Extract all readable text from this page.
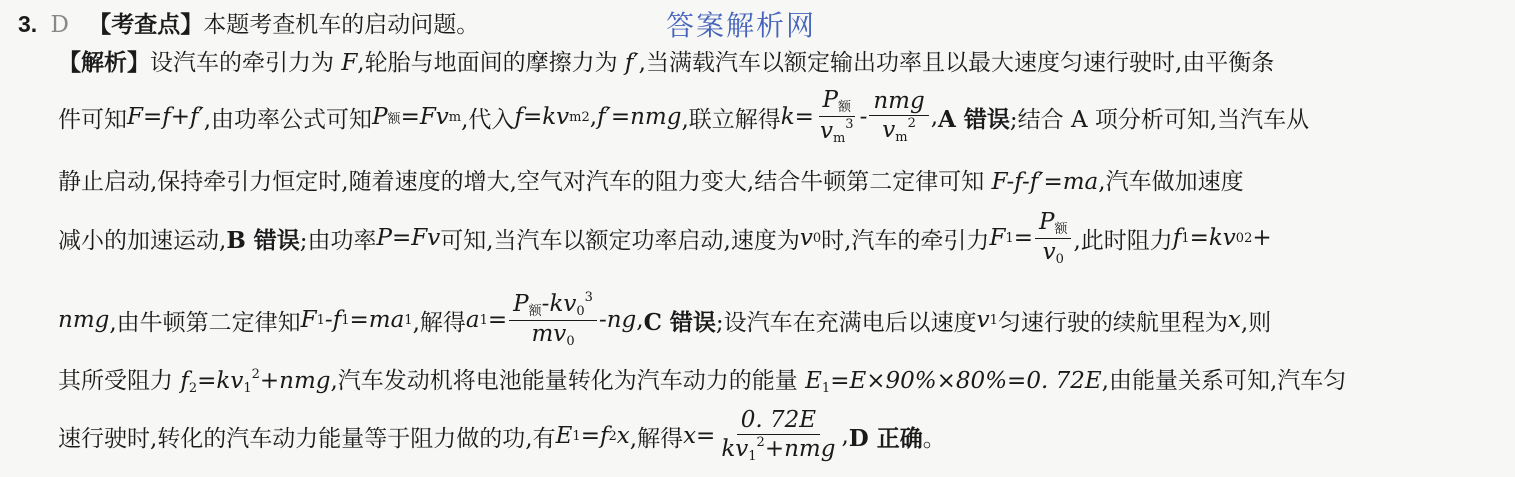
答案解析网
3. D 【考查点】本题考查机车的启动问题。
【解析】设汽车的牵引力为 F,轮胎与地面间的摩擦力为 f′,当满载汽车以额定输出功率且以最大速度匀速行驶时,由平衡条
件可知 F=f+f′ ,由功率公式可知 P 额 =Fv m ,代入 f=kv m 2 , f′=nmg ,联立解得 $k= \frac{P_额}{v_m^3} - \frac{\text{nmg}}{v_m^2}$ , A 错误 ;结合 A 项分析可知,当汽车从
静止启动,保持牵引力恒定时,随着速度的增大,空气对汽车的阻力变大,结合牛顿第二定律可知 F-f-f′=ma,汽车做加速度
减小的加速运动, B 错误 ;由功率 P=Fv 可知,当汽车以额定功率启动,速度为 v 0 时,汽车的牵引力 F $1 = \frac{P_额}{v_0}$ ,此时阻力 f 1 =kv 0 2 +
nmg ,由牛顿第二定律知 F 1 -f 1 =ma 1 ,解得 a $1 = \frac{P_额-kv_0^3}{mv_0} -ng$ , C 错误 ;设汽车在充满电后以速度 v 1 匀速行驶的续航里程为 x ,则
其所受阻力 $f_2=kv_1^2+nmg$,汽车发动机将电池能量转化为汽车动力的能量 $E_1=E\times 90\%\times 80\%=0$. 72E,由能量关系可知,汽车匀
速行驶时,转化的汽车动力能量等于阻力做的功,有 E 1 =f 2 x ,解得 $x= \frac{0. 72E}{kv_1^2+nmg}$ , D 正确 。
